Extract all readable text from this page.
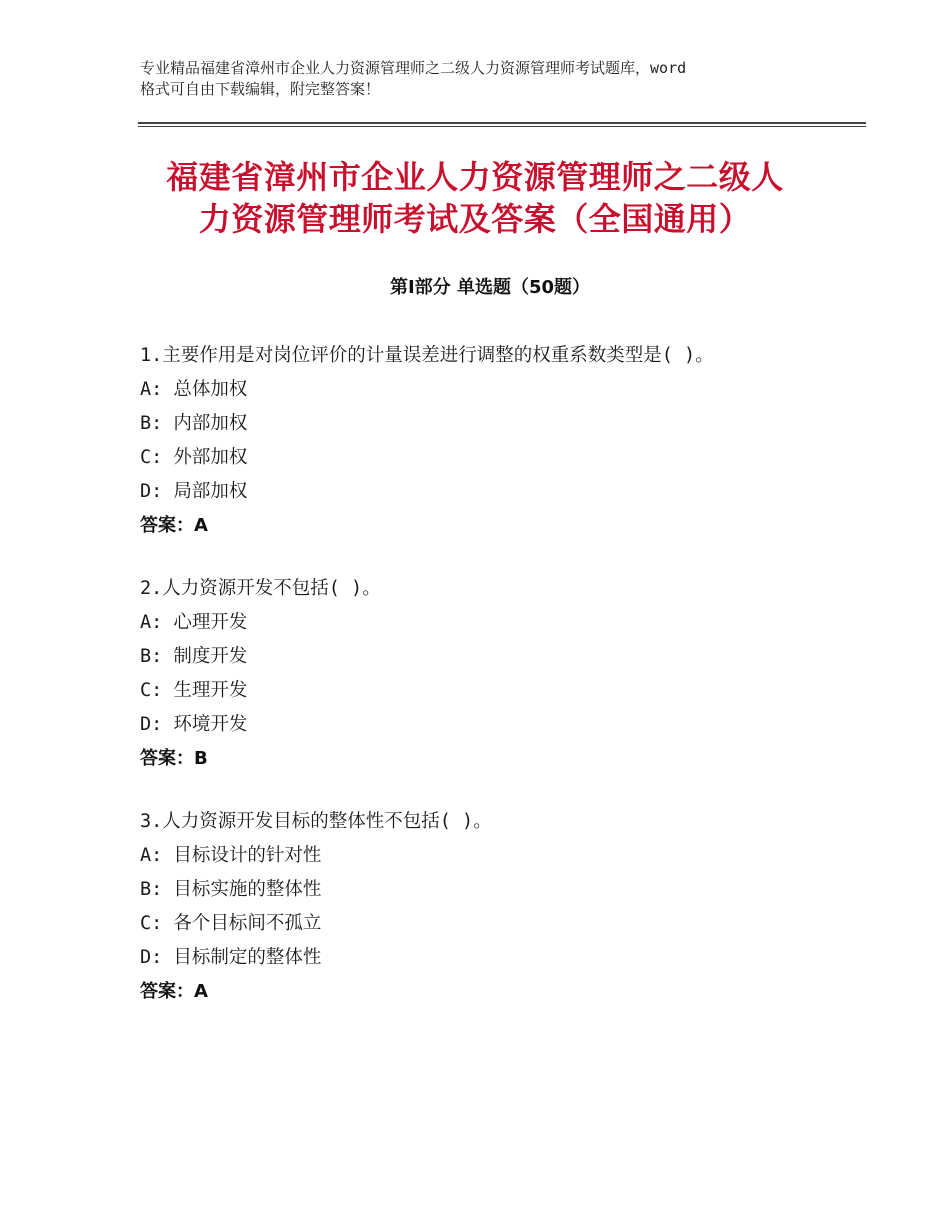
专业精品福建省漳州市企业人力资源管理师之二级人力资源管理师考试题库，word
格式可自由下载编辑，附完整答案！
福建省漳州市企业人力资源管理师之二级人
力资源管理师考试及答案（全国通用）
第Ⅰ部分 单选题（50题）
1.主要作用是对岗位评价的计量误差进行调整的权重系数类型是( )。
A: 总体加权
B: 内部加权
C: 外部加权
D: 局部加权
答案：A
2.人力资源开发不包括( )。
A: 心理开发
B: 制度开发
C: 生理开发
D: 环境开发
答案：B
3.人力资源开发目标的整体性不包括( )。
A: 目标设计的针对性
B: 目标实施的整体性
C: 各个目标间不孤立
D: 目标制定的整体性
答案：A
